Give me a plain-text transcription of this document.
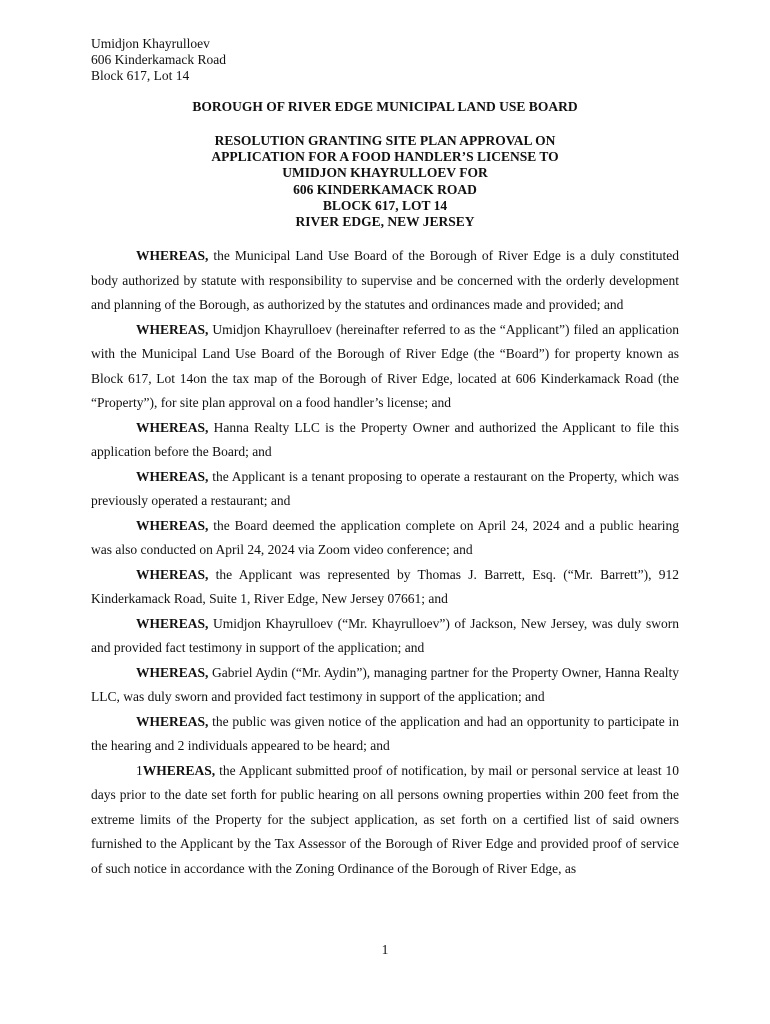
Umidjon Khayrulloev
606 Kinderkamack Road
Block 617, Lot 14
BOROUGH OF RIVER EDGE MUNICIPAL LAND USE BOARD
RESOLUTION GRANTING SITE PLAN APPROVAL ON
APPLICATION FOR A FOOD HANDLER’S LICENSE TO
UMIDJON KHAYRULLOEV FOR
606 KINDERKAMACK ROAD
BLOCK 617, LOT 14
RIVER EDGE, NEW JERSEY

WHEREAS, the Municipal Land Use Board of the Borough of River Edge is a duly constituted body authorized by statute with responsibility to supervise and be concerned with the orderly development and planning of the Borough, as authorized by the statutes and ordinances made and provided; and

WHEREAS, Umidjon Khayrulloev (hereinafter referred to as the “Applicant”) filed an application with the Municipal Land Use Board of the Borough of River Edge (the “Board”) for property known as Block 617, Lot 14on the tax map of the Borough of River Edge, located at 606 Kinderkamack Road (the “Property”), for site plan approval on a food handler’s license; and

WHEREAS, Hanna Realty LLC is the Property Owner and authorized the Applicant to file this application before the Board; and

WHEREAS, the Applicant is a tenant proposing to operate a restaurant on the Property, which was previously operated a restaurant; and

WHEREAS, the Board deemed the application complete on April 24, 2024 and a public hearing was also conducted on April 24, 2024 via Zoom video conference; and

WHEREAS, the Applicant was represented by Thomas J. Barrett, Esq. (“Mr. Barrett”), 912 Kinderkamack Road, Suite 1, River Edge, New Jersey 07661; and

WHEREAS, Umidjon Khayrulloev (“Mr. Khayrulloev”) of Jackson, New Jersey, was duly sworn and provided fact testimony in support of the application; and

WHEREAS, Gabriel Aydin (“Mr. Aydin”), managing partner for the Property Owner, Hanna Realty LLC, was duly sworn and provided fact testimony in support of the application; and

WHEREAS, the public was given notice of the application and had an opportunity to participate in the hearing and 2 individuals appeared to be heard; and

1WHEREAS, the Applicant submitted proof of notification, by mail or personal service at least 10 days prior to the date set forth for public hearing on all persons owning properties within 200 feet from the extreme limits of the Property for the subject application, as set forth on a certified list of said owners furnished to the Applicant by the Tax Assessor of the Borough of River Edge and provided proof of service of such notice in accordance with the Zoning Ordinance of the Borough of River Edge, as

1
